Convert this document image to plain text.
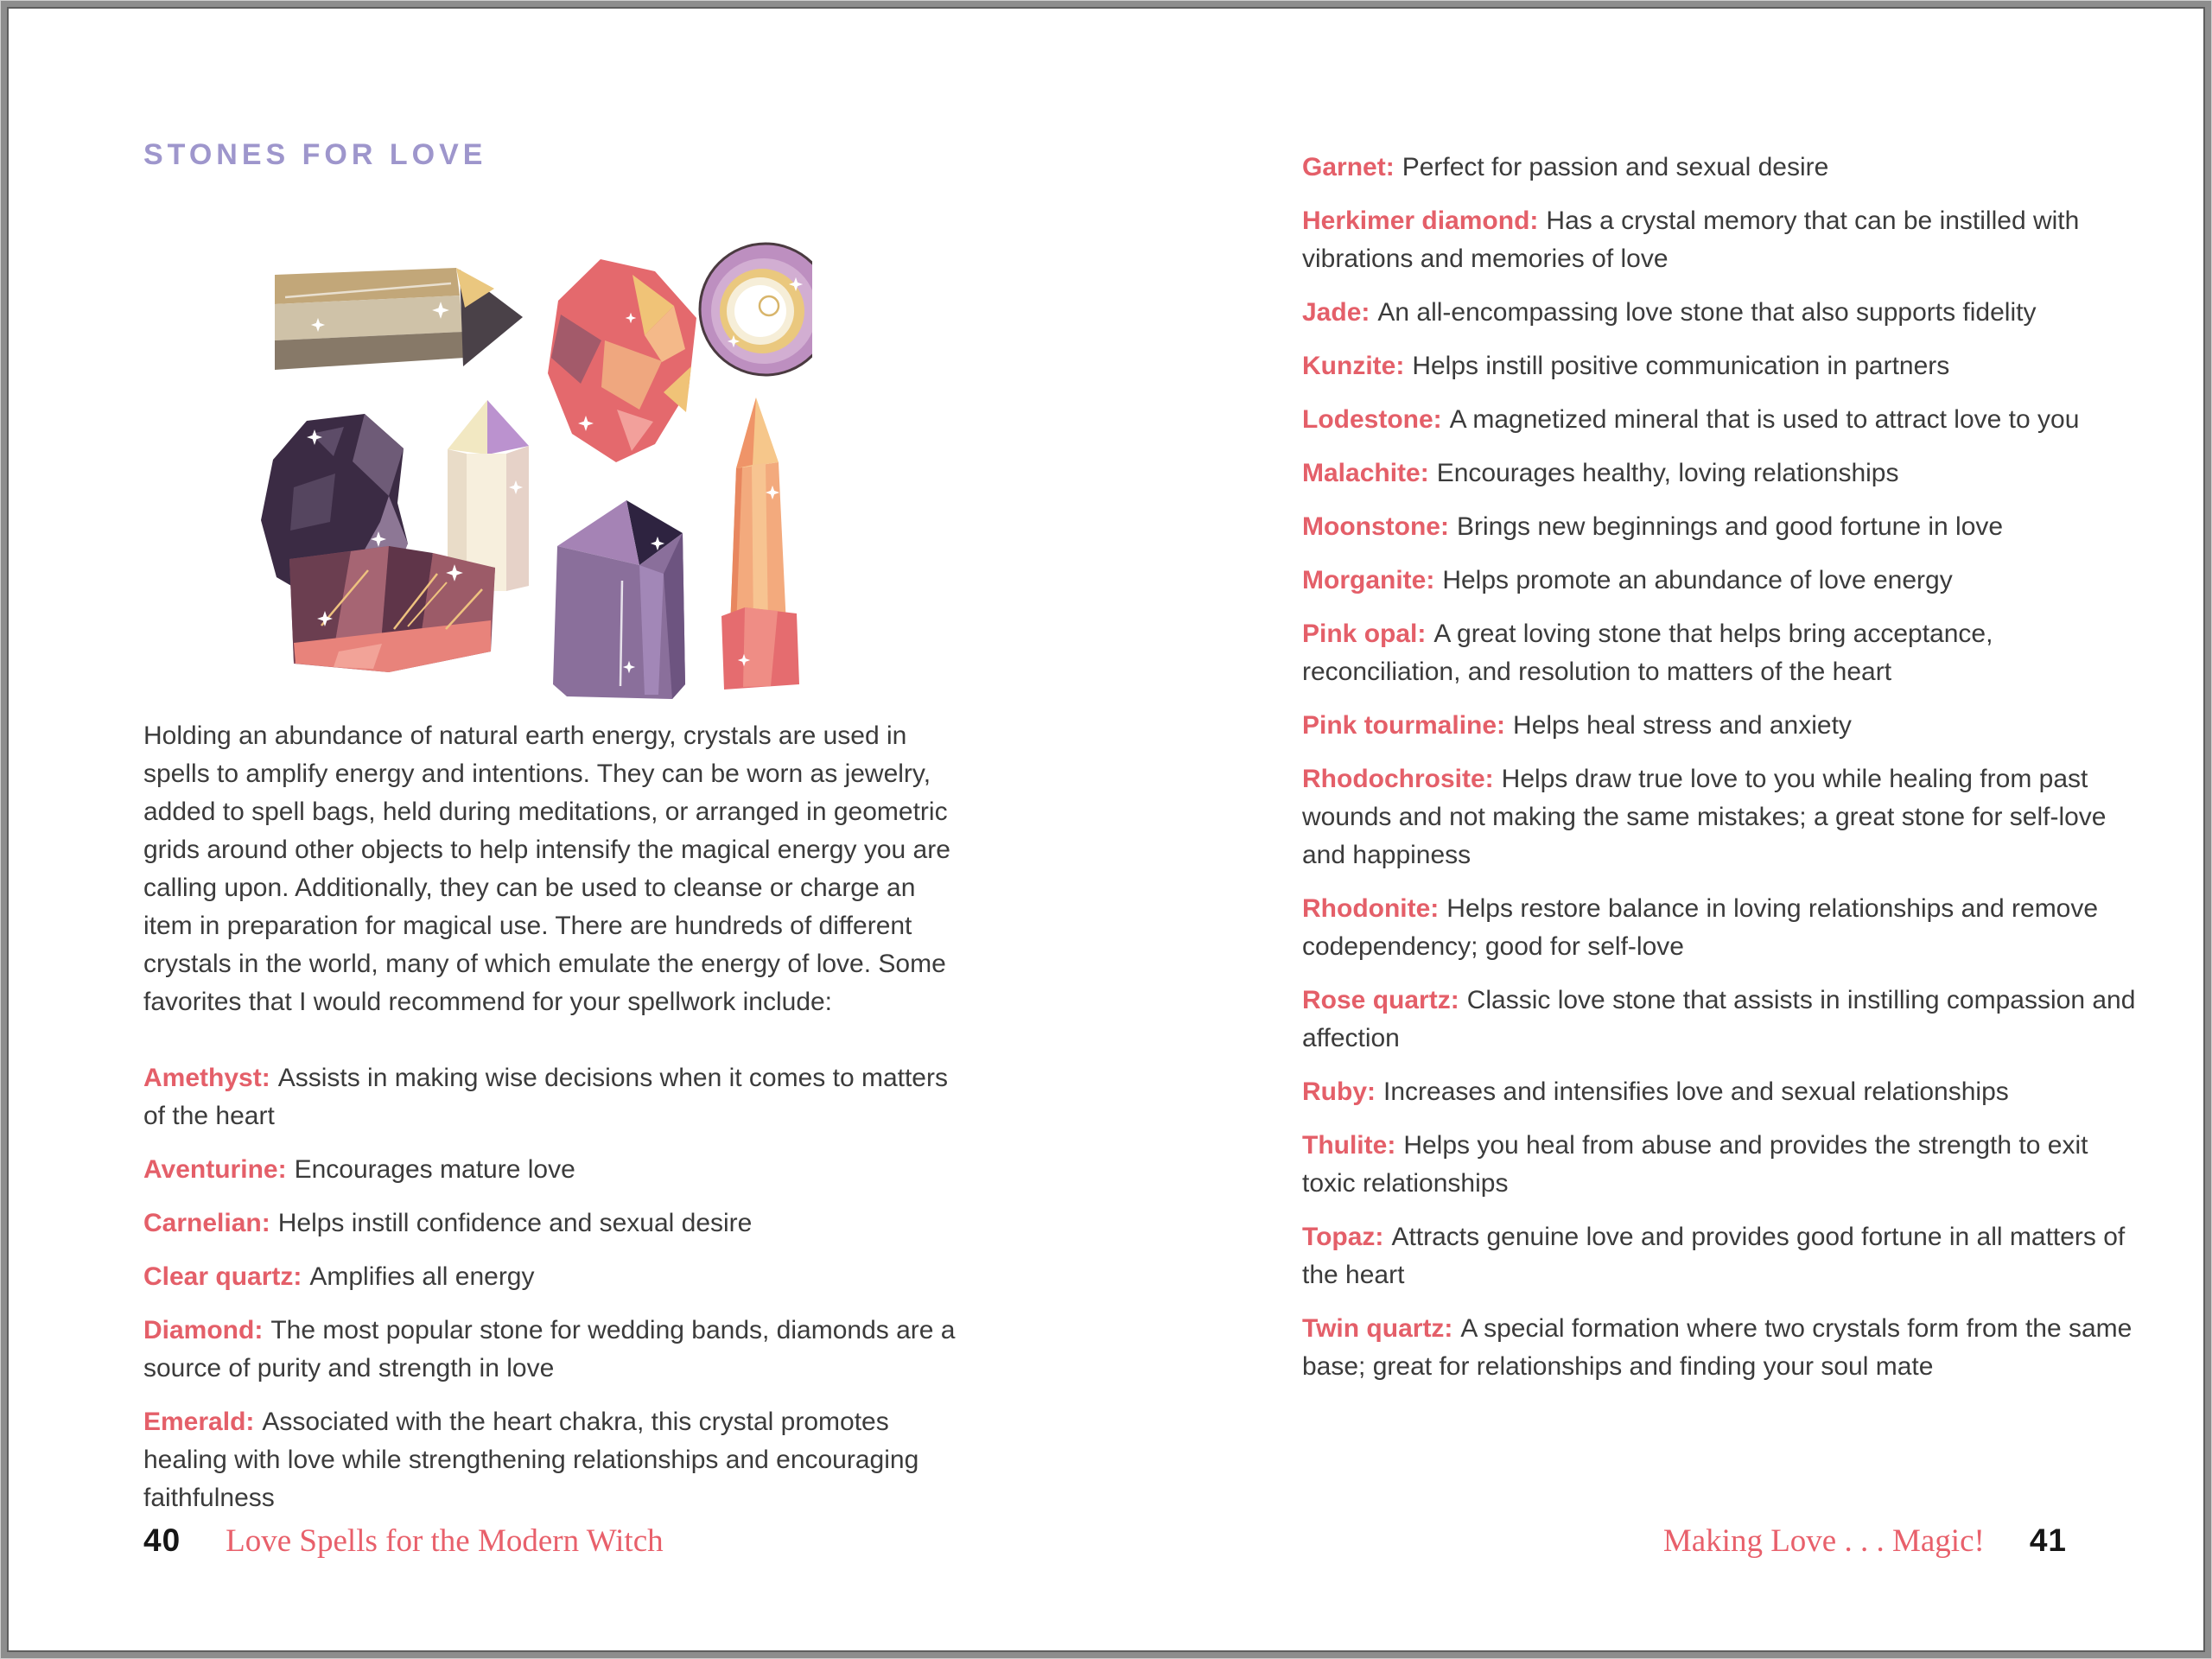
STONES FOR LOVE

Holding an abundance of natural earth energy, crystals are used in spells to amplify energy and intentions. They can be worn as jewelry, added to spell bags, held during meditations, or arranged in geometric grids around other objects to help intensify the magical energy you are calling upon. Additionally, they can be used to cleanse or charge an item in preparation for magical use. There are hundreds of different crystals in the world, many of which emulate the energy of love. Some favorites that I would recommend for your spellwork include:

Amethyst: Assists in making wise decisions when it comes to matters of the heart

Aventurine: Encourages mature love

Carnelian: Helps instill confidence and sexual desire

Clear quartz: Amplifies all energy

Diamond: The most popular stone for wedding bands, diamonds are a source of purity and strength in love

Emerald: Associated with the heart chakra, this crystal promotes healing with love while strengthening relationships and encouraging faithfulness

Garnet: Perfect for passion and sexual desire

Herkimer diamond: Has a crystal memory that can be instilled with vibrations and memories of love

Jade: An all-encompassing love stone that also supports fidelity

Kunzite: Helps instill positive communication in partners

Lodestone: A magnetized mineral that is used to attract love to you

Malachite: Encourages healthy, loving relationships

Moonstone: Brings new beginnings and good fortune in love

Morganite: Helps promote an abundance of love energy

Pink opal: A great loving stone that helps bring acceptance, reconciliation, and resolution to matters of the heart

Pink tourmaline: Helps heal stress and anxiety

Rhodochrosite: Helps draw true love to you while healing from past wounds and not making the same mistakes; a great stone for self-love and happiness

Rhodonite: Helps restore balance in loving relationships and remove codependency; good for self-love

Rose quartz: Classic love stone that assists in instilling compassion and affection

Ruby: Increases and intensifies love and sexual relationships

Thulite: Helps you heal from abuse and provides the strength to exit toxic relationships

Topaz: Attracts genuine love and provides good fortune in all matters of the heart

Twin quartz: A special formation where two crystals form from the same base; great for relationships and finding your soul mate

40 Love Spells for the Modern Witch	Making Love . . . Magic! 41
